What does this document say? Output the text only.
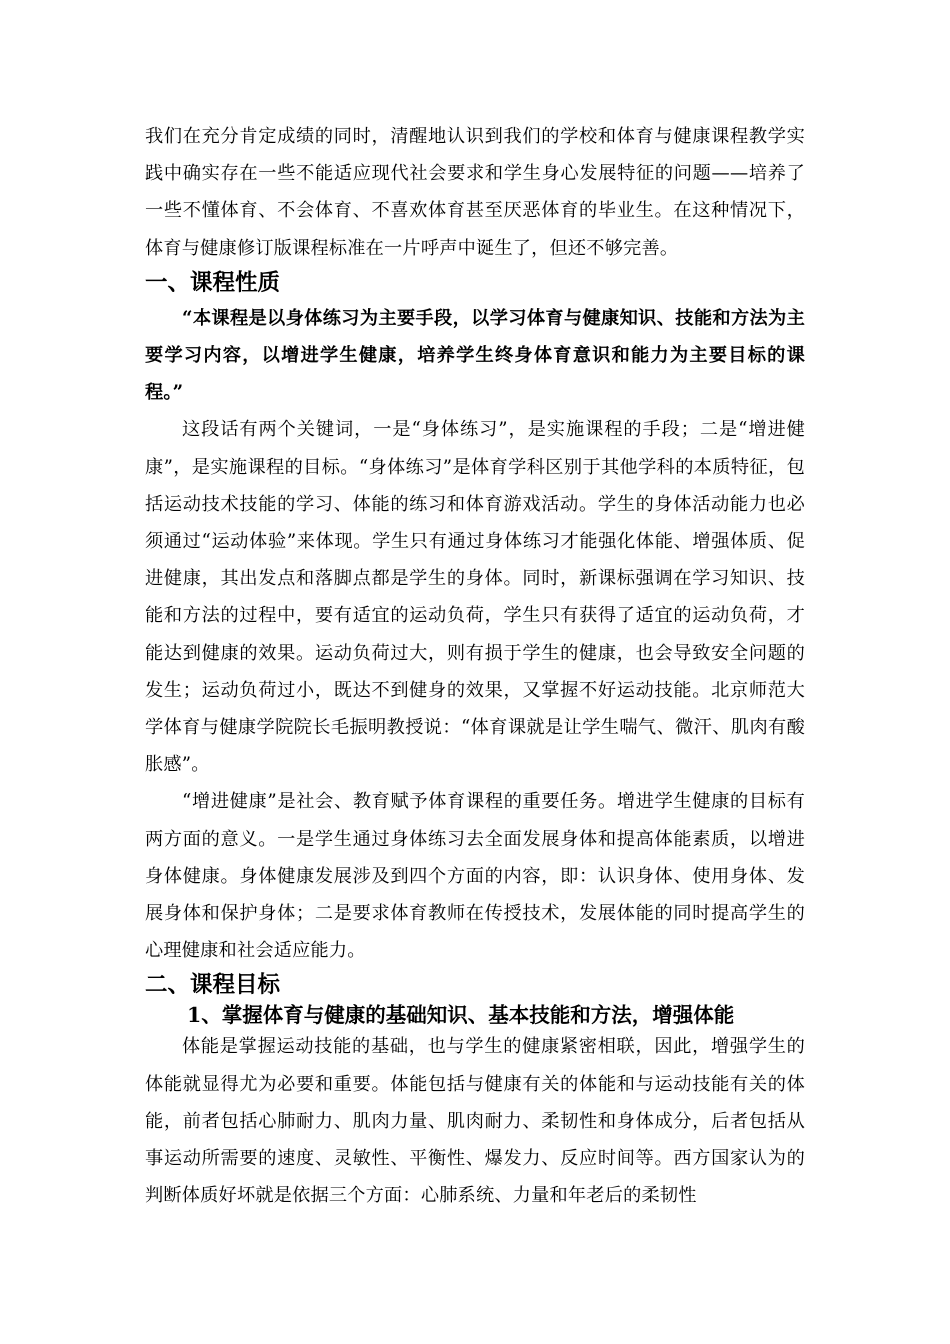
我们在充分肯定成绩的同时，清醒地认识到我们的学校和体育与健康课程教学实践中确实存在一些不能适应现代社会要求和学生身心发展特征的问题——培养了一些不懂体育、不会体育、不喜欢体育甚至厌恶体育的毕业生。在这种情况下，体育与健康修订版课程标准在一片呼声中诞生了，但还不够完善。

一、课程性质

“本课程是以身体练习为主要手段，以学习体育与健康知识、技能和方法为主要学习内容，以增进学生健康，培养学生终身体育意识和能力为主要目标的课程。”

这段话有两个关键词，一是“身体练习”，是实施课程的手段；二是“增进健康”，是实施课程的目标。“身体练习”是体育学科区别于其他学科的本质特征，包括运动技术技能的学习、体能的练习和体育游戏活动。学生的身体活动能力也必须通过“运动体验”来体现。学生只有通过身体练习才能强化体能、增强体质、促进健康，其出发点和落脚点都是学生的身体。同时，新课标强调在学习知识、技能和方法的过程中，要有适宜的运动负荷，学生只有获得了适宜的运动负荷，才能达到健康的效果。运动负荷过大，则有损于学生的健康，也会导致安全问题的发生；运动负荷过小，既达不到健身的效果，又掌握不好运动技能。北京师范大学体育与健康学院院长毛振明教授说：“体育课就是让学生喘气、微汗、肌肉有酸胀感”。

“增进健康”是社会、教育赋予体育课程的重要任务。增进学生健康的目标有两方面的意义。一是学生通过身体练习去全面发展身体和提高体能素质，以增进身体健康。身体健康发展涉及到四个方面的内容，即：认识身体、使用身体、发展身体和保护身体；二是要求体育教师在传授技术，发展体能的同时提高学生的心理健康和社会适应能力。

二、课程目标
1、掌握体育与健康的基础知识、基本技能和方法，增强体能

体能是掌握运动技能的基础，也与学生的健康紧密相联，因此，增强学生的体能就显得尤为必要和重要。体能包括与健康有关的体能和与运动技能有关的体能，前者包括心肺耐力、肌肉力量、肌肉耐力、柔韧性和身体成分，后者包括从事运动所需要的速度、灵敏性、平衡性、爆发力、反应时间等。西方国家认为的判断体质好坏就是依据三个方面：心肺系统、力量和年老后的柔韧性
